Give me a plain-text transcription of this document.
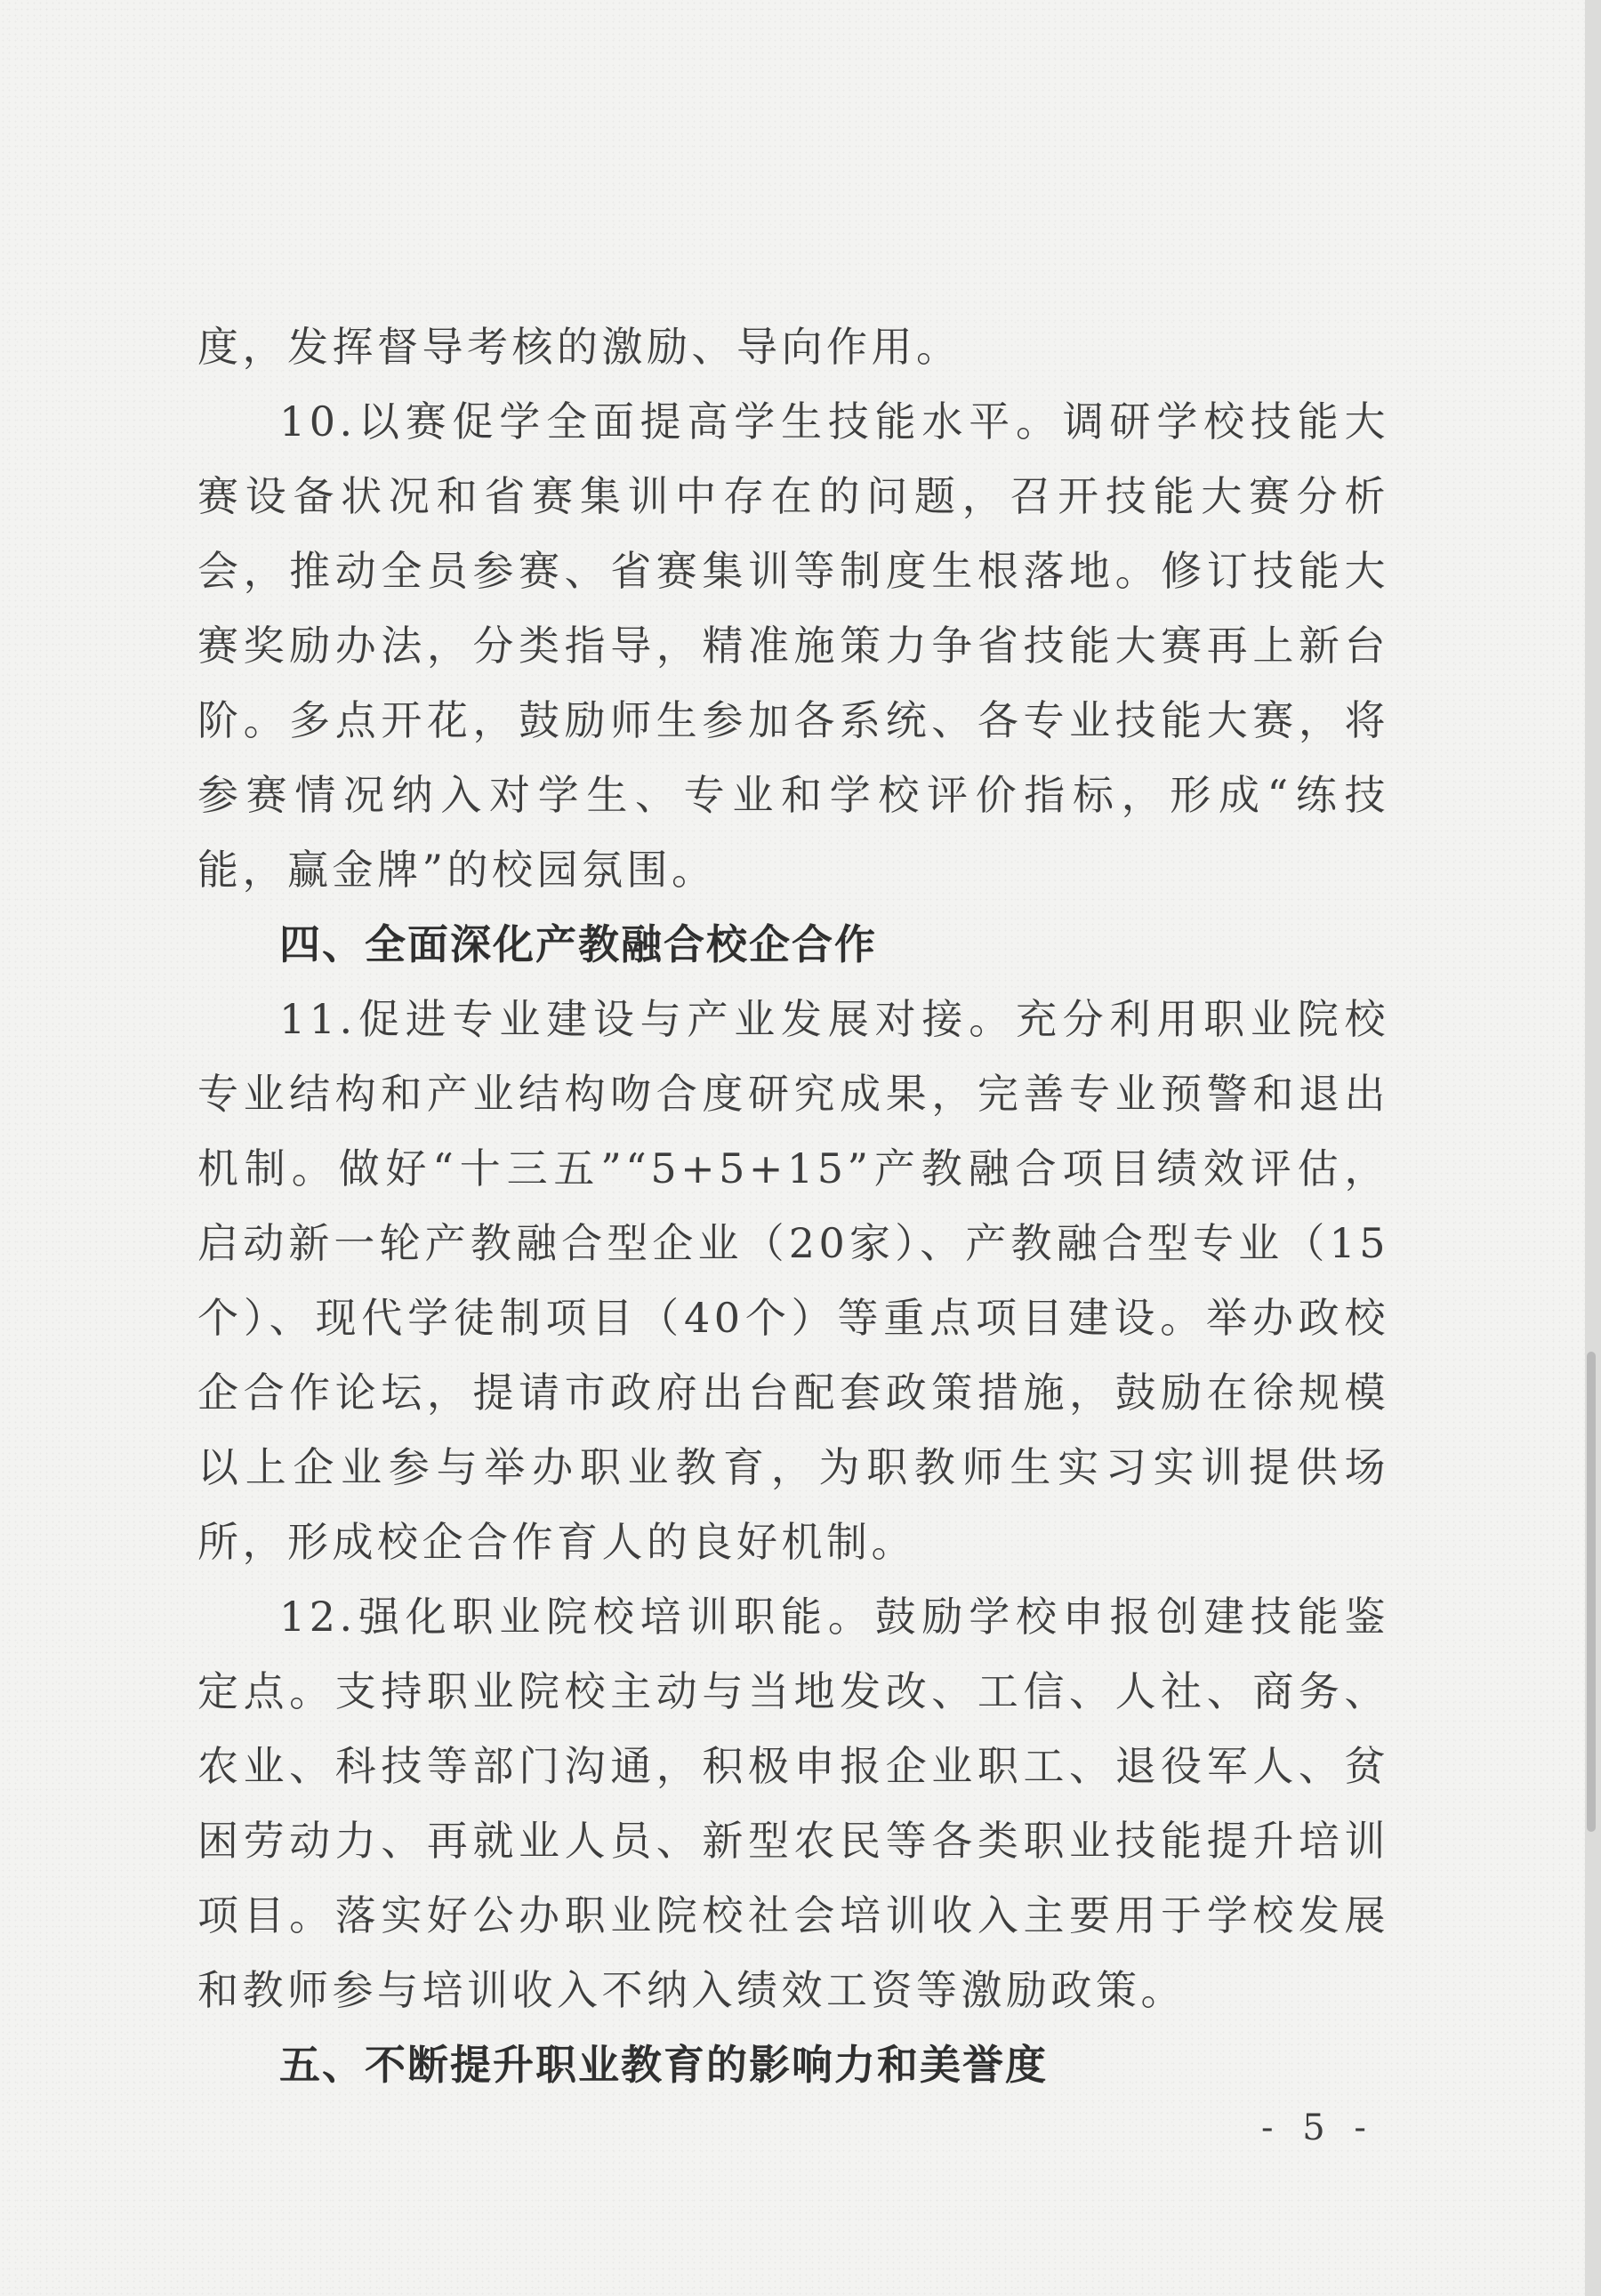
度，发挥督导考核的激励、导向作用。

10.以赛促学全面提高学生技能水平。调研学校技能大赛设备状况和省赛集训中存在的问题，召开技能大赛分析会，推动全员参赛、省赛集训等制度生根落地。修订技能大赛奖励办法，分类指导，精准施策力争省技能大赛再上新台阶。多点开花，鼓励师生参加各系统、各专业技能大赛，将参赛情况纳入对学生、专业和学校评价指标，形成“练技能，赢金牌”的校园氛围。

四、全面深化产教融合校企合作

11.促进专业建设与产业发展对接。充分利用职业院校专业结构和产业结构吻合度研究成果，完善专业预警和退出机制。做好“十三五”“5+5+15”产教融合项目绩效评估，启动新一轮产教融合型企业（20家）、产教融合型专业（15个）、现代学徒制项目（40个）等重点项目建设。举办政校企合作论坛，提请市政府出台配套政策措施，鼓励在徐规模以上企业参与举办职业教育，为职教师生实习实训提供场所，形成校企合作育人的良好机制。

12.强化职业院校培训职能。鼓励学校申报创建技能鉴定点。支持职业院校主动与当地发改、工信、人社、商务、农业、科技等部门沟通，积极申报企业职工、退役军人、贫困劳动力、再就业人员、新型农民等各类职业技能提升培训项目。落实好公办职业院校社会培训收入主要用于学校发展和教师参与培训收入不纳入绩效工资等激励政策。

五、不断提升职业教育的影响力和美誉度

- 5 -
